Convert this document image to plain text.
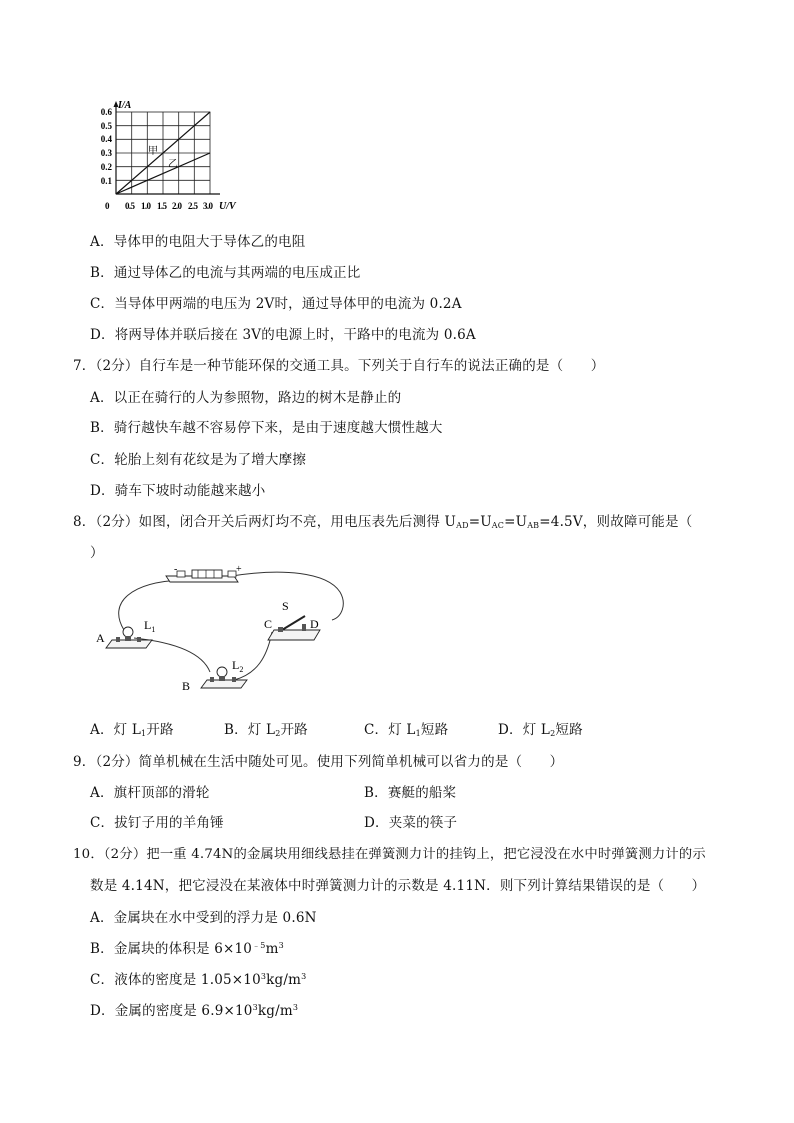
I/A
0.6
0.5
0.4
0.3
0.2
0.1
0 0.5 1.0 1.5 2.0 2.5 3.0 U/V
甲
乙
A．导体甲的电阻大于导体乙的电阻
B．通过导体乙的电流与其两端的电压成正比
C．当导体甲两端的电压为 2V时，通过导体甲的电流为 0.2A
D．将两导体并联后接在 3V的电源上时，干路中的电流为 0.6A
7．（2分）自行车是一种节能环保的交通工具。下列关于自行车的说法正确的是（　　）
A．以正在骑行的人为参照物，路边的树木是静止的
B．骑行越快车越不容易停下来，是由于速度越大惯性越大
C．轮胎上刻有花纹是为了增大摩擦
D．骑车下坡时动能越来越小
8．（2分）如图，闭合开关后两灯均不亮，用电压表先后测得 $U_{AD}=U_{AC}=U_{AB}=4.5V$，则故障可能是（
）
-	+
A
$L_1$
B
$L_2$
S
C	D
A．灯 $L_1$开路	B．灯 $L_2$开路	C．灯 $L_1$短路	D．灯 $L_2$短路
9．（2分）简单机械在生活中随处可见。使用下列简单机械可以省力的是（　　）
A．旗杆顶部的滑轮	B．赛艇的船桨
C．拔钉子用的羊角锤	D．夹菜的筷子
10．（2分）把一重 4.74N的金属块用细线悬挂在弹簧测力计的挂钩上，把它浸没在水中时弹簧测力计的示
数是 4.14N，把它浸没在某液体中时弹簧测力计的示数是 4.11N．则下列计算结果错误的是（　　）
A．金属块在水中受到的浮力是 0.6N
B．金属块的体积是 $6\times 10^{﹣5}m^3$
C．液体的密度是 $1.05\times 10^3kg/m^3$
D．金属的密度是 $6.9\times 10^3kg/m^3$
